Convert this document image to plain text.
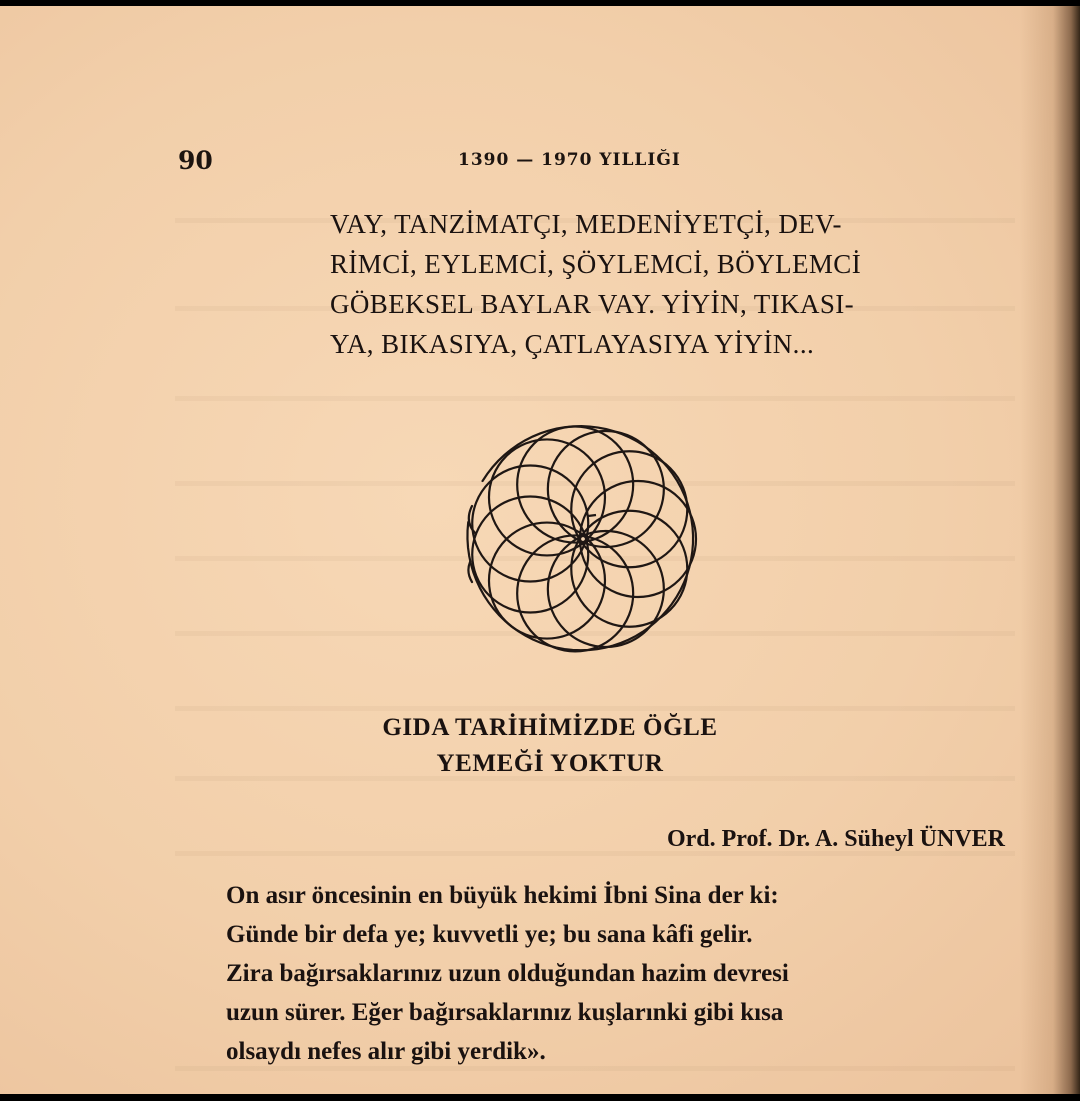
90	1390 — 1970 YILLIĞI

VAY, TANZİMATÇI, MEDENİYETÇİ, DEV-
RİMCİ, EYLEMCİ, ŞÖYLEMCİ, BÖYLEMCİ
GÖBEKSEL BAYLAR VAY. YİYİN, TIKASI-
YA, BIKASIYA, ÇATLAYASIYA YİYİN...

GIDA TARİHİMİZDE ÖĞLE
YEMEĞİ YOKTUR
Ord. Prof. Dr. A. Süheyl ÜNVER

On asır öncesinin en büyük hekimi İbni Sina der ki:
Günde bir defa ye; kuvvetli ye; bu sana kâfi gelir.
Zira bağırsaklarınız uzun olduğundan hazim devresi
uzun sürer. Eğer bağırsaklarınız kuşlarınki gibi kısa
olsaydı nefes alır gibi yerdik».
